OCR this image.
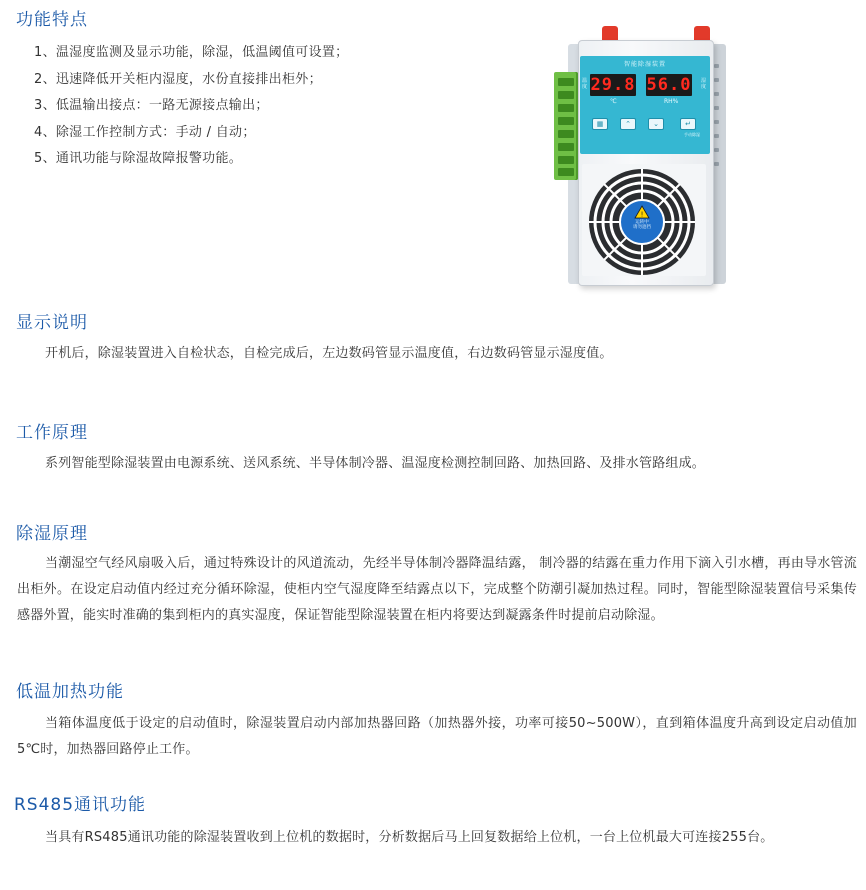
功能特点
1、温湿度监测及显示功能，除湿，低温阈值可设置；
2、迅速降低开关柜内湿度，水份直接排出柜外；
3、低温输出接点：一路无源接点输出；
4、除湿工作控制方式：手动 / 自动；
5、通讯功能与除湿故障报警功能。
智能除湿装置
温度 29.8 56.0 湿度
℃	RH%
▦	⌃	⌄	↵
手动除湿
!
运转中
请勿遮挡
显示说明
开机后，除湿装置进入自检状态，自检完成后，左边数码管显示温度值，右边数码管显示湿度值。
工作原理
系列智能型除湿装置由电源系统、送风系统、半导体制冷器、温湿度检测控制回路、加热回路、及排水管路组成。
除湿原理
当潮湿空气经风扇吸入后，通过特殊设计的风道流动，先经半导体制冷器降温结露， 制冷器的结露在重力作用下滴入引水槽，再由导水管流出柜外。在设定启动值内经过充分循环除湿，使柜内空气湿度降至结露点以下，完成整个防潮引凝加热过程。同时，智能型除湿装置信号采集传感器外置，能实时准确的集到柜内的真实湿度，保证智能型除湿装置在柜内将要达到凝露条件时提前启动除湿。
低温加热功能
当箱体温度低于设定的启动值时，除湿装置启动内部加热器回路（加热器外接，功率可接50~500W），直到箱体温度升高到设定启动值加5℃时，加热器回路停止工作。
RS485通讯功能
当具有RS485通讯功能的除湿装置收到上位机的数据时，分析数据后马上回复数据给上位机，一台上位机最大可连接255台。
